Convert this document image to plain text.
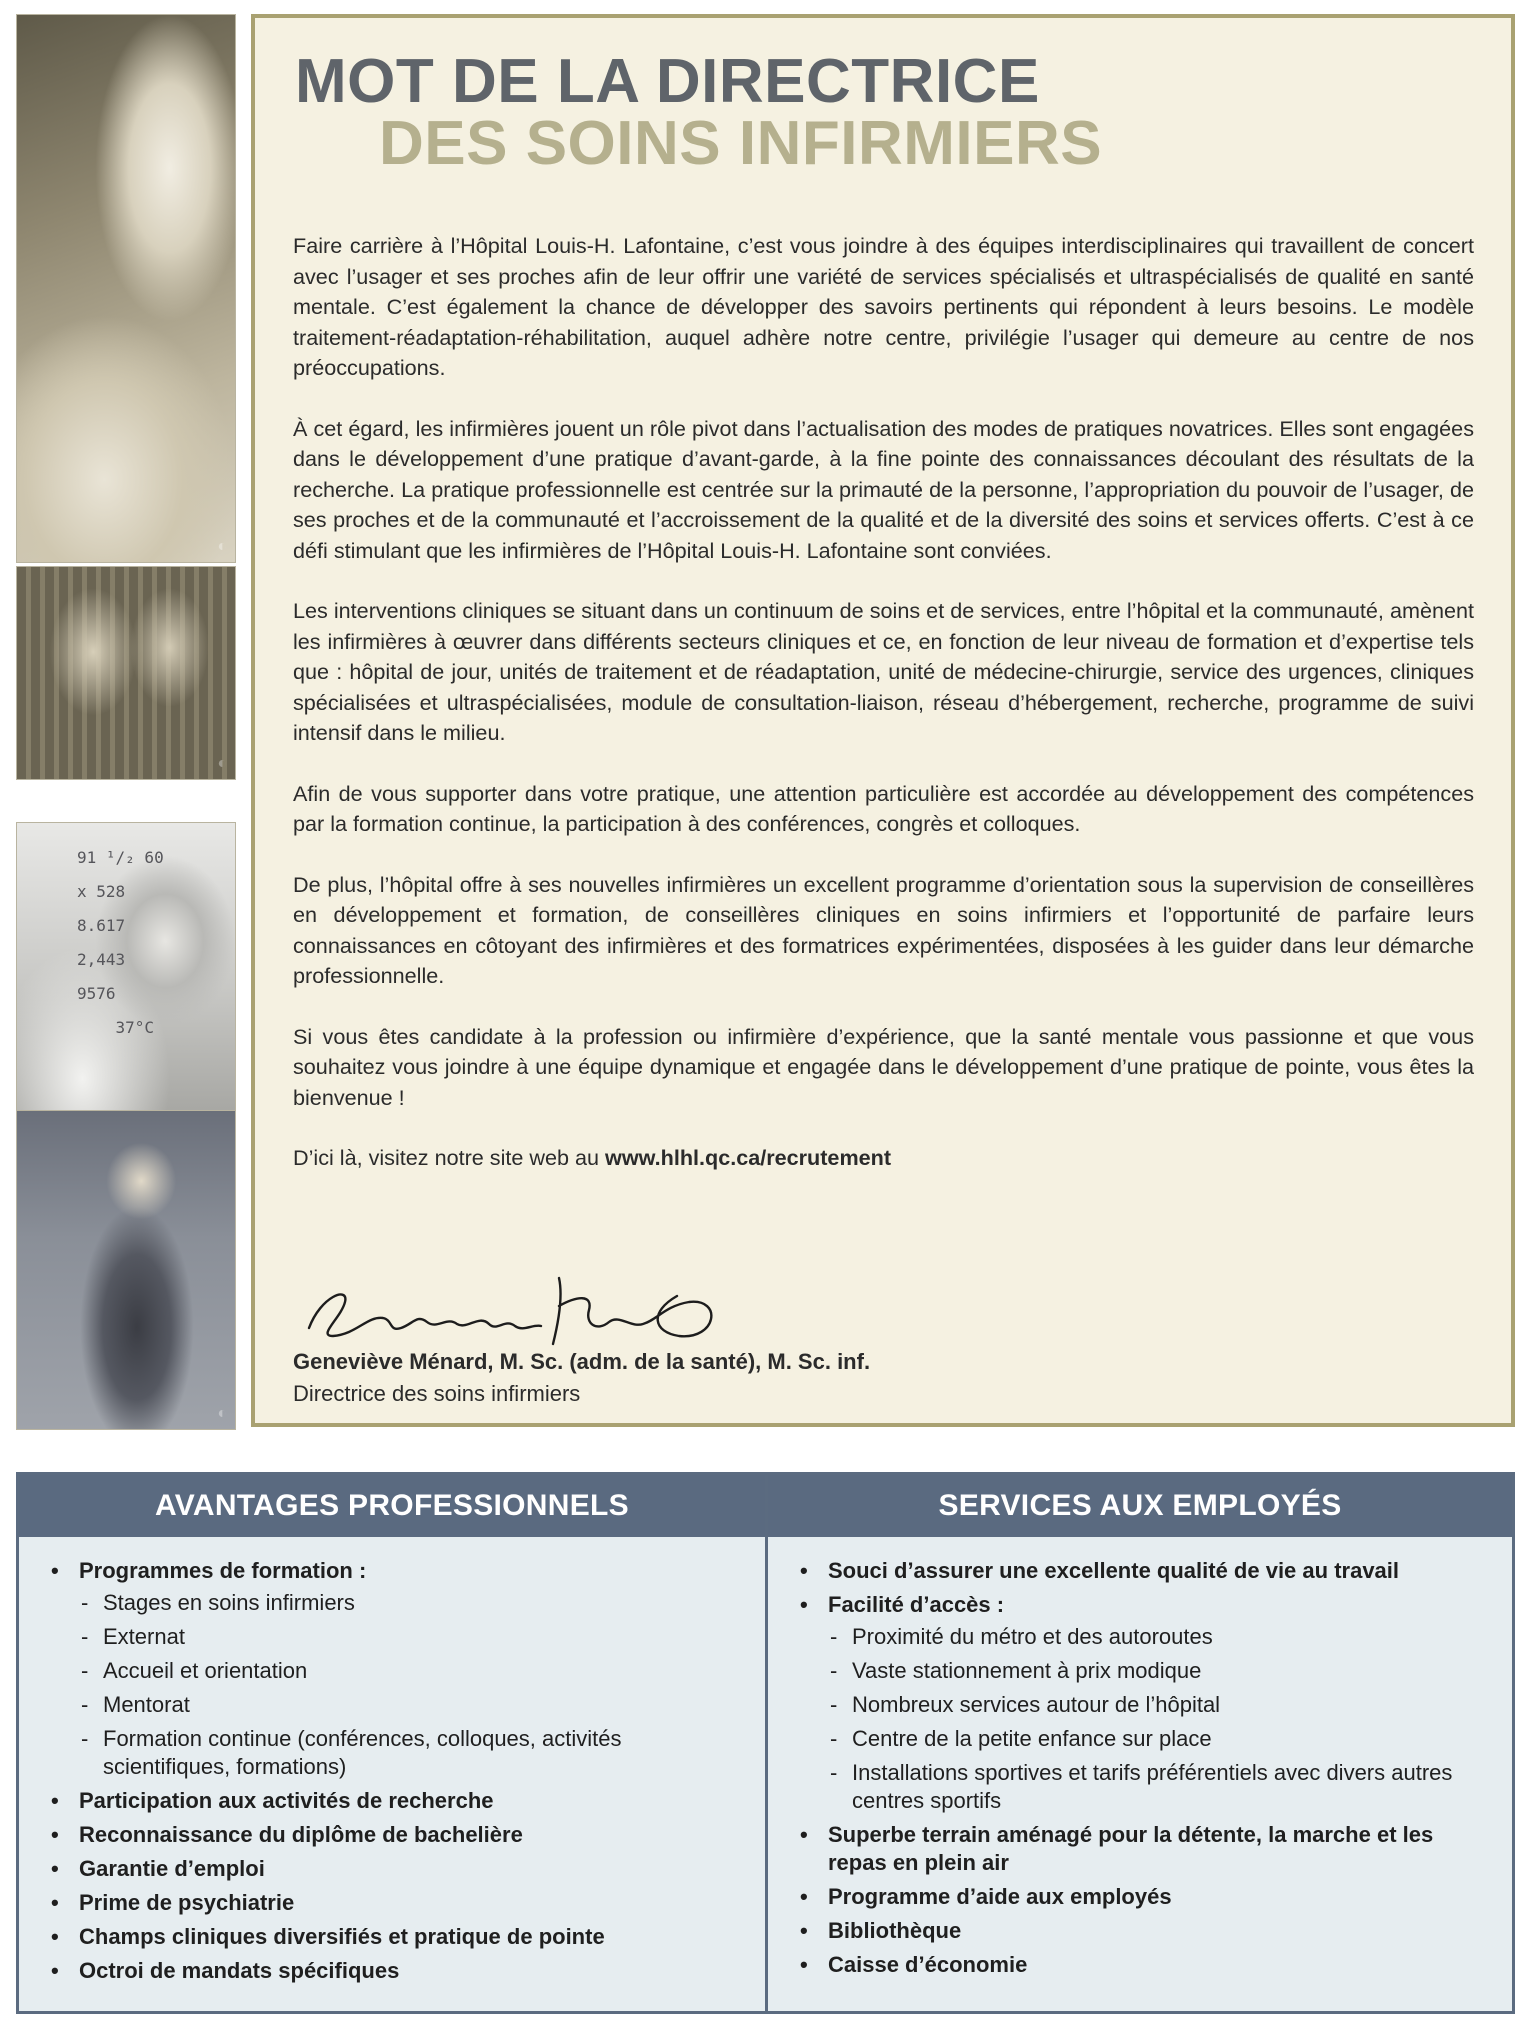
◐
◐
91 ¹/₂ 60
x 528
8.617
2,443
9576
37°C
◐
MOT DE LA DIRECTRICE
DES SOINS INFIRMIERS

Faire carrière à l’Hôpital Louis-H. Lafontaine, c’est vous joindre à des équipes interdisciplinaires qui travaillent de concert avec l’usager et ses proches afin de leur offrir une variété de services spécialisés et ultraspécialisés de qualité en santé mentale. C’est également la chance de développer des savoirs pertinents qui répondent à leurs besoins. Le modèle traitement-réadaptation-réhabilitation, auquel adhère notre centre, privilégie l’usager qui demeure au centre de nos préoccupations.

À cet égard, les infirmières jouent un rôle pivot dans l’actualisation des modes de pratiques novatrices. Elles sont engagées dans le développement d’une pratique d’avant-garde, à la fine pointe des connaissances découlant des résultats de la recherche. La pratique professionnelle est centrée sur la primauté de la personne, l’appropriation du pouvoir de l’usager, de ses proches et de la communauté et l’accroissement de la qualité et de la diversité des soins et services offerts. C’est à ce défi stimulant que les infirmières de l’Hôpital Louis-H. Lafontaine sont conviées.

Les interventions cliniques se situant dans un continuum de soins et de services, entre l’hôpital et la communauté, amènent les infirmières à œuvrer dans différents secteurs cliniques et ce, en fonction de leur niveau de formation et d’expertise tels que : hôpital de jour, unités de traitement et de réadaptation, unité de médecine-chirurgie, service des urgences, cliniques spécialisées et ultraspécialisées, module de consultation-liaison, réseau d’hébergement, recherche, programme de suivi intensif dans le milieu.

Afin de vous supporter dans votre pratique, une attention particulière est accordée au développement des compétences par la formation continue, la participation à des conférences, congrès et colloques.

De plus, l’hôpital offre à ses nouvelles infirmières un excellent programme d’orientation sous la supervision de conseillères en développement et formation, de conseillères cliniques en soins infirmiers et l’opportunité de parfaire leurs connaissances en côtoyant des infirmières et des formatrices expérimentées, disposées à les guider dans leur démarche professionnelle.

Si vous êtes candidate à la profession ou infirmière d’expérience, que la santé mentale vous passionne et que vous souhaitez vous joindre à une équipe dynamique et engagée dans le développement d’une pratique de pointe, vous êtes la bienvenue !

D’ici là, visitez notre site web au www.hlhl.qc.ca/recrutement

Geneviève Ménard, M. Sc. (adm. de la santé), M. Sc. inf.
Directrice des soins infirmiers
AVANTAGES PROFESSIONNELS
• Programmes de formation :
- Stages en soins infirmiers
- Externat
- Accueil et orientation
- Mentorat
- Formation continue (conférences, colloques, activités scientifiques, formations)
• Participation aux activités de recherche
• Reconnaissance du diplôme de bachelière
• Garantie d’emploi
• Prime de psychiatrie
• Champs cliniques diversifiés et pratique de pointe
• Octroi de mandats spécifiques
SERVICES AUX EMPLOYÉS
• Souci d’assurer une excellente qualité de vie au travail
• Facilité d’accès :
- Proximité du métro et des autoroutes
- Vaste stationnement à prix modique
- Nombreux services autour de l’hôpital
- Centre de la petite enfance sur place
- Installations sportives et tarifs préférentiels avec divers autres centres sportifs
• Superbe terrain aménagé pour la détente, la marche et les repas en plein air
• Programme d’aide aux employés
• Bibliothèque
• Caisse d’économie
